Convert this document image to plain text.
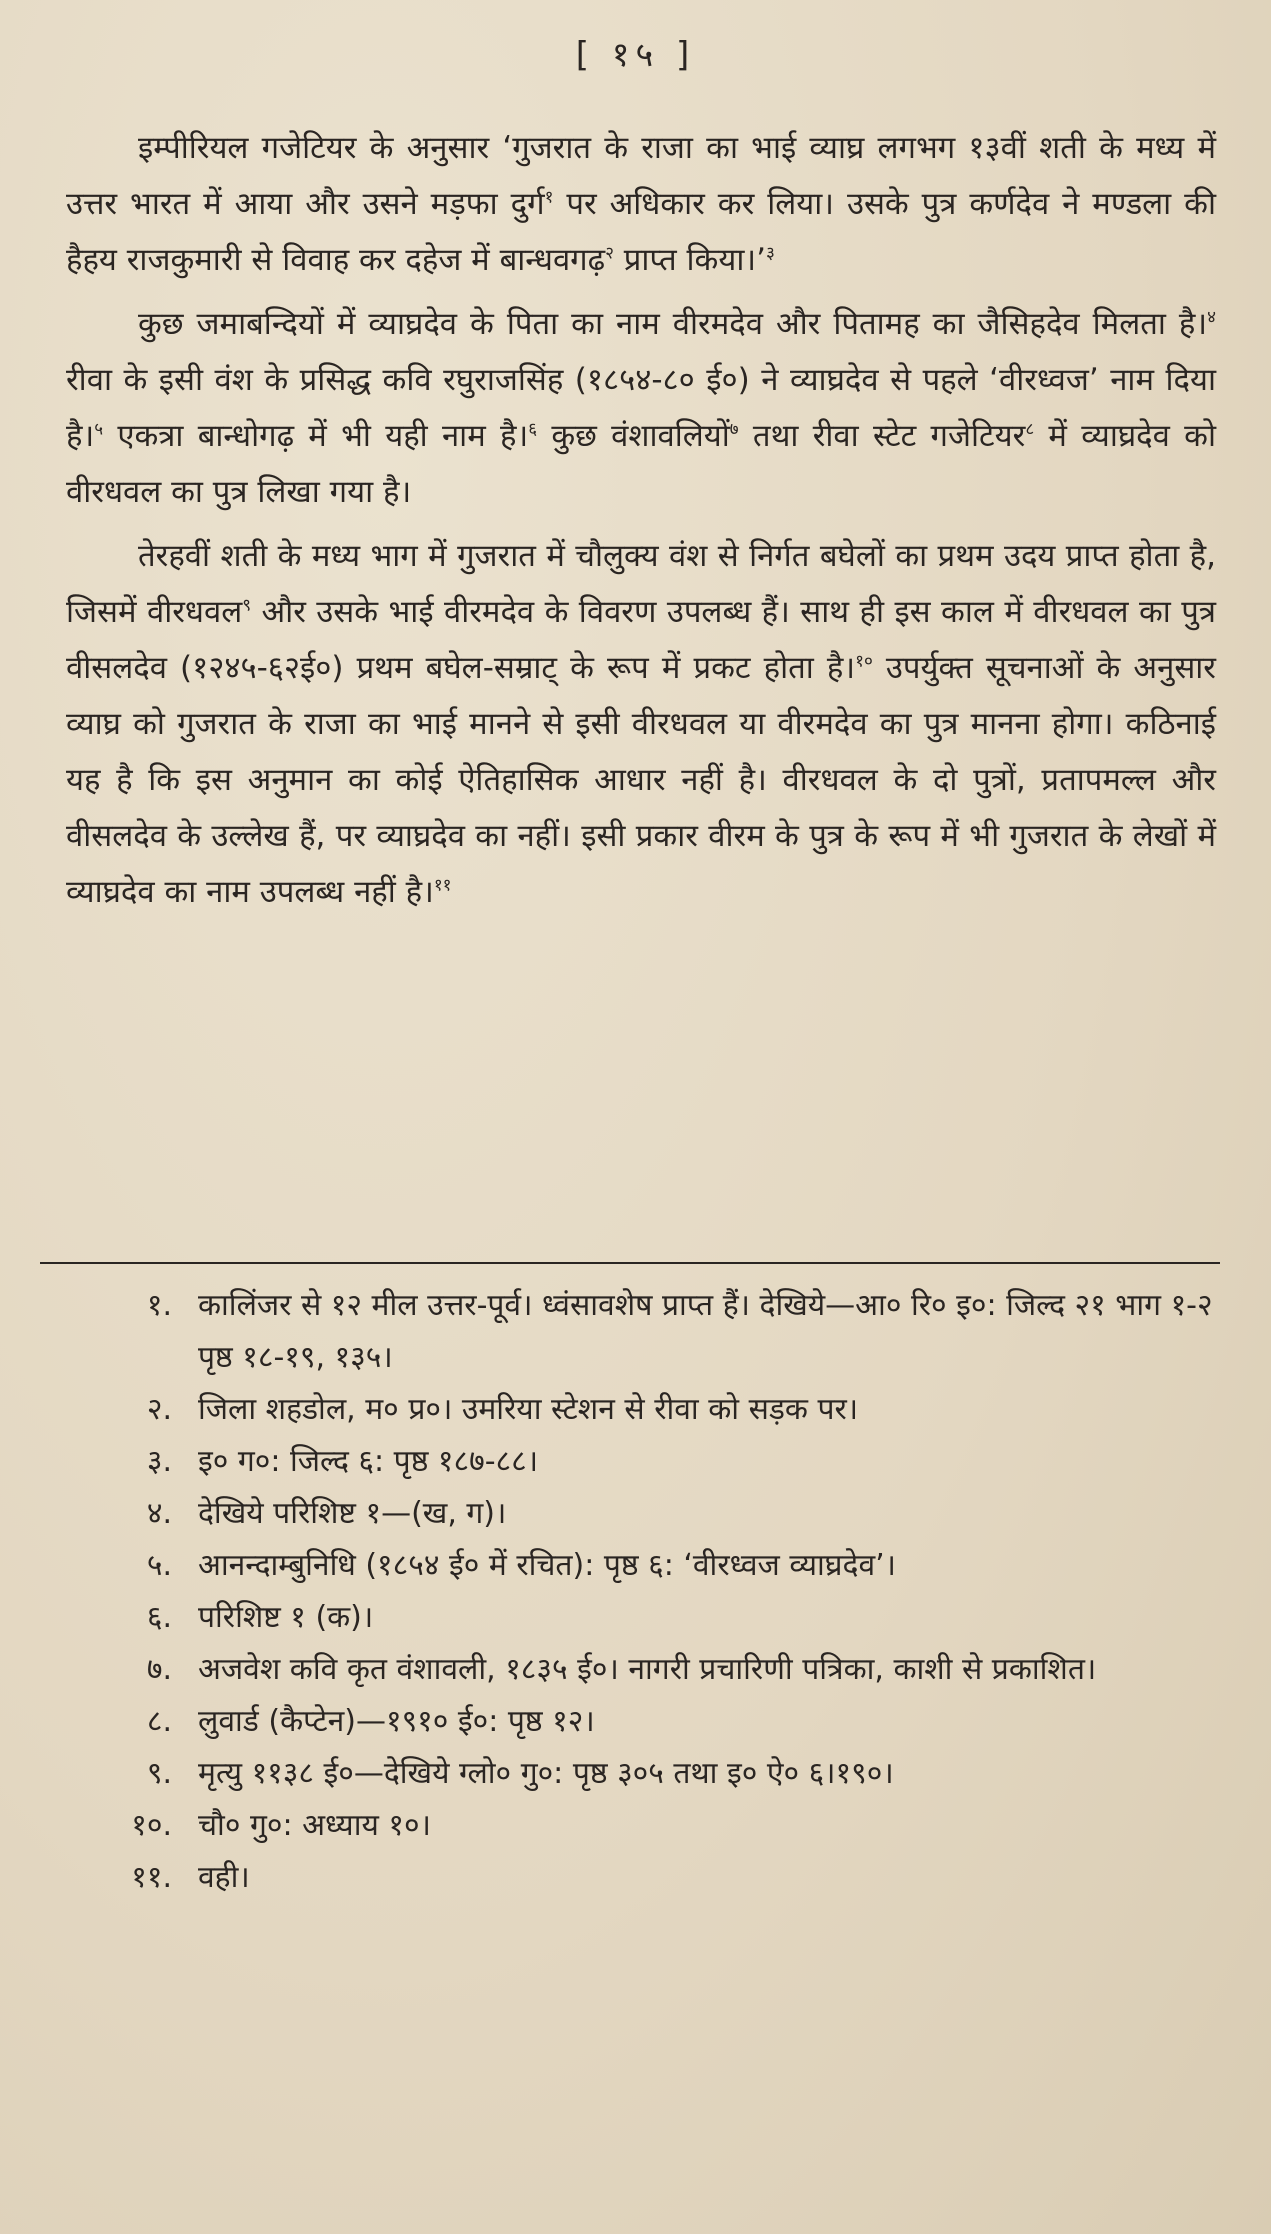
[ १५ ]

इम्पीरियल गजेटियर के अनुसार ‘गुजरात के राजा का भाई व्याघ्र लगभग १३वीं शती के मध्य में उत्तर भारत में आया और उसने मड़फा दुर्ग$^१$ पर अधिकार कर लिया। उसके पुत्र कर्णदेव ने मण्डला की हैहय राजकुमारी से विवाह कर दहेज में बान्धवगढ़$^२$ प्राप्त किया।’$^३$

कुछ जमाबन्दियों में व्याघ्रदेव के पिता का नाम वीरमदेव और पितामह का जैसिहदेव मिलता है।$^४$ रीवा के इसी वंश के प्रसिद्ध कवि रघुराजसिंह (१८५४-८० ई०) ने व्याघ्रदेव से पहले ‘वीरध्वज’ नाम दिया है।$^५$ एकत्रा बान्धोगढ़ में भी यही नाम है।$^६$ कुछ वंशावलियों$^७$ तथा रीवा स्टेट गजेटियर$^८$ में व्याघ्रदेव को वीरधवल का पुत्र लिखा गया है।

तेरहवीं शती के मध्य भाग में गुजरात में चौलुक्य वंश से निर्गत बघेलों का प्रथम उदय प्राप्त होता है, जिसमें वीरधवल$^९$ और उसके भाई वीरमदेव के विवरण उपलब्ध हैं। साथ ही इस काल में वीरधवल का पुत्र वीसलदेव (१२४५-६२ई०) प्रथम बघेल-सम्राट् के रूप में प्रकट होता है।$^{१०}$ उपर्युक्त सूचनाओं के अनुसार व्याघ्र को गुजरात के राजा का भाई मानने से इसी वीरधवल या वीरमदेव का पुत्र मानना होगा। कठिनाई यह है कि इस अनुमान का कोई ऐतिहासिक आधार नहीं है। वीरधवल के दो पुत्रों, प्रतापमल्ल और वीसलदेव के उल्लेख हैं, पर व्याघ्रदेव का नहीं। इसी प्रकार वीरम के पुत्र के रूप में भी गुजरात के लेखों में व्याघ्रदेव का नाम उपलब्ध नहीं है।$^{११}$

१. कालिंजर से १२ मील उत्तर-पूर्व। ध्वंसावशेष प्राप्त हैं। देखिये—आ० रि० इ०: जिल्द २१ भाग १-२ पृष्ठ १८-१९, १३५।
२. जिला शहडोल, म० प्र०। उमरिया स्टेशन से रीवा को सड़क पर।
३. इ० ग०: जिल्द ६: पृष्ठ १८७-८८।
४. देखिये परिशिष्ट १—(ख, ग)।
५. आनन्दाम्बुनिधि (१८५४ ई० में रचित): पृष्ठ ६: ‘वीरध्वज व्याघ्रदेव’।
६. परिशिष्ट १ (क)।
७. अजवेश कवि कृत वंशावली, १८३५ ई०। नागरी प्रचारिणी पत्रिका, काशी से प्रकाशित।
८. लुवार्ड (कैप्टेन)—१९१० ई०: पृष्ठ १२।
९. मृत्यु ११३८ ई०—देखिये ग्लो० गु०: पृष्ठ ३०५ तथा इ० ऐ० ६।१९०।
१०. चौ० गु०: अध्याय १०।
११. वही।
